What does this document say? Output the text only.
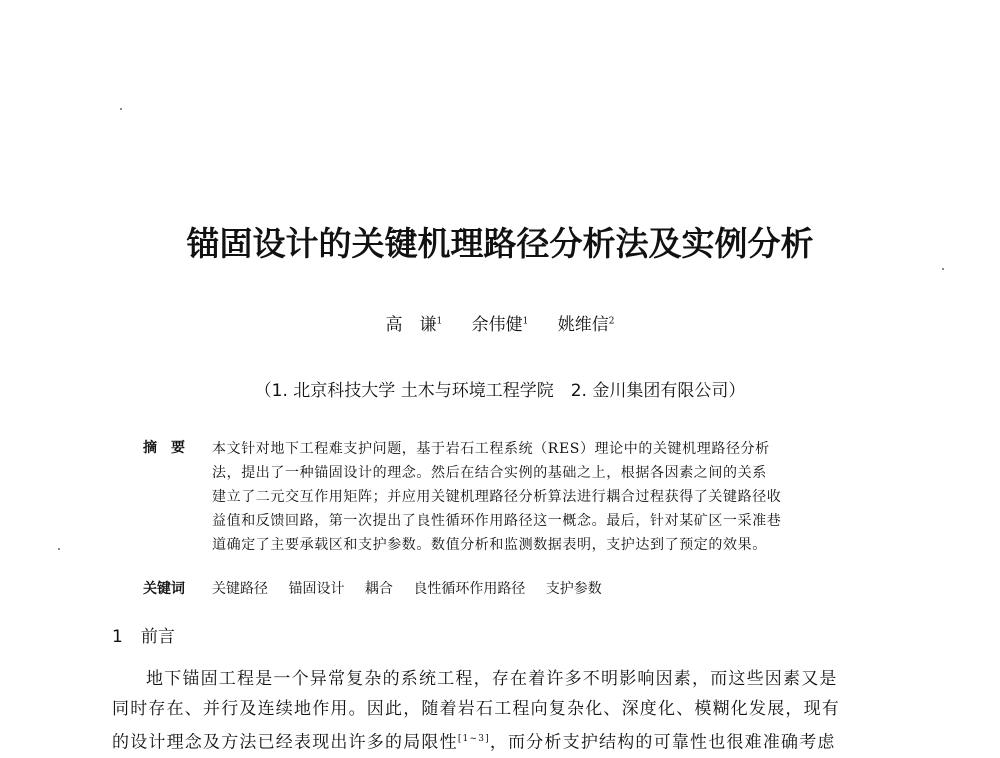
锚固设计的关键机理路径分析法及实例分析
高　谦$^1$ 余伟健$^1$ 姚维信$^2$
（1. 北京科技大学 土木与环境工程学院　2. 金川集团有限公司）
摘要 本文针对地下工程难支护问题，基于岩石工程系统（RES）理论中的关键机理路径分析
法，提出了一种锚固设计的理念。然后在结合实例的基础之上，根据各因素之间的关系
建立了二元交互作用矩阵；并应用关键机理路径分析算法进行耦合过程获得了关键路径收
益值和反馈回路，第一次提出了良性循环作用路径这一概念。最后，针对某矿区一采准巷
道确定了主要承载区和支护参数。数值分析和监测数据表明，支护达到了预定的效果。
关键词 关键路径 锚固设计 耦合 良性循环作用路径 支护参数
1 前言
地下锚固工程是一个异常复杂的系统工程，存在着许多不明影响因素，而这些因素又是
同时存在、并行及连续地作用。因此，随着岩石工程向复杂化、深度化、模糊化发展，现有
的设计理念及方法已经表现出许多的局限性[1~3]，而分析支护结构的可靠性也很难准确考虑
